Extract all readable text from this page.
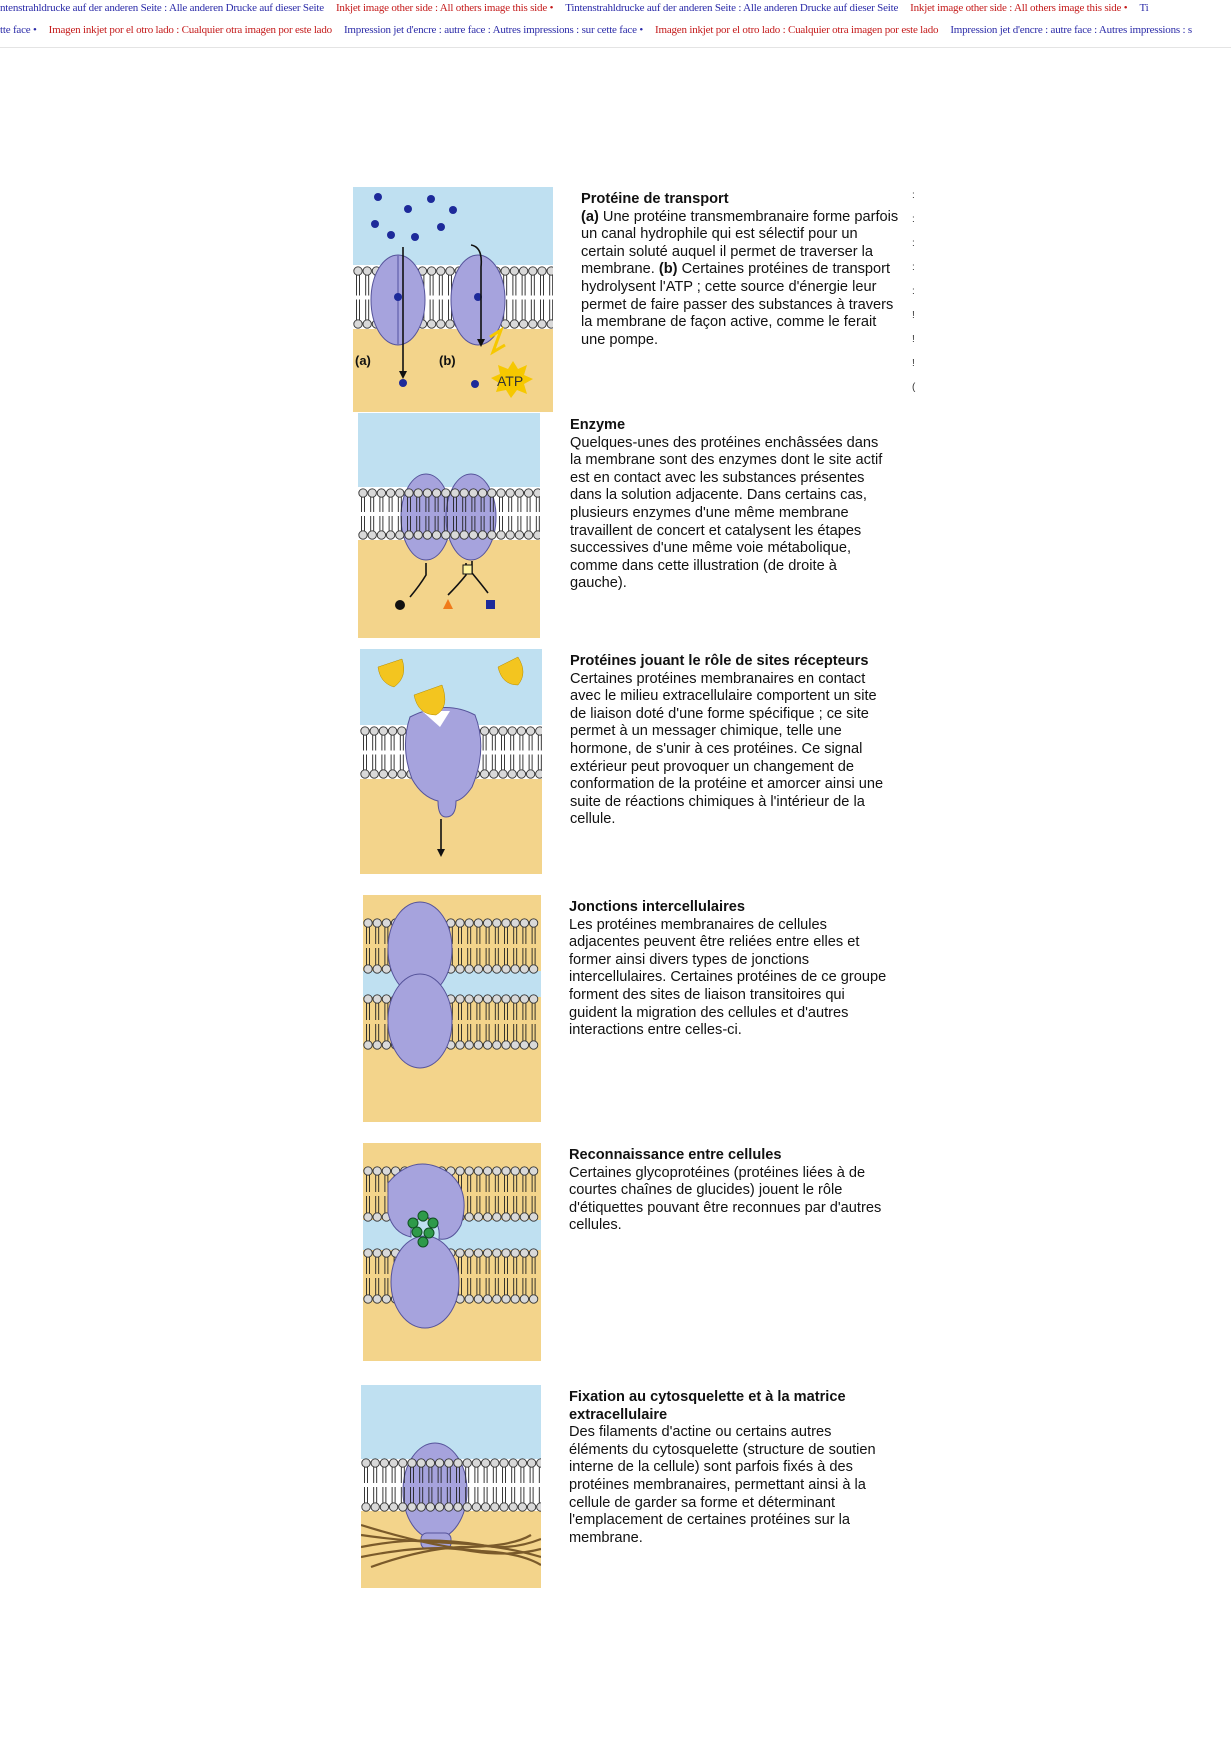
ntenstrahldrucke auf der anderen Seite : Alle anderen Drucke auf dieser Seite Inkjet image other side : All others image this side • Tintenstrahldrucke auf der anderen Seite : Alle anderen Drucke auf dieser Seite Inkjet image other side : All others image this side • Ti
tte face • Imagen inkjet por el otro lado : Cualquier otra imagen por este lado Impression jet d'encre : autre face : Autres impressions : sur cette face • Imagen inkjet por el otro lado : Cualquier otra imagen por este lado Impression jet d'encre : autre face : Autres impressions : s
ATP
(a)	(b)
Protéine de transport
(a) Une protéine transmembranaire forme parfois un canal hydrophile qui est sélectif pour un certain soluté auquel il permet de traverser la membrane. (b) Certaines protéines de transport hydrolysent l'ATP ; cette source d'énergie leur permet de faire passer des substances à travers la membrane de façon active, comme le ferait une pompe.
Enzyme
Quelques-unes des protéines enchâssées dans la membrane sont des enzymes dont le site actif est en contact avec les substances présentes dans la solution adjacente. Dans certains cas, plusieurs enzymes d'une même membrane travaillent de concert et catalysent les étapes successives d'une même voie métabolique, comme dans cette illustration (de droite à gauche).
Protéines jouant le rôle de sites récepteurs
Certaines protéines membranaires en contact avec le milieu extracellulaire comportent un site de liaison doté d'une forme spécifique ; ce site permet à un messager chimique, telle une hormone, de s'unir à ces protéines. Ce signal extérieur peut provoquer un changement de conformation de la protéine et amorcer ainsi une suite de réactions chimiques à l'intérieur de la cellule.
Jonctions intercellulaires
Les protéines membranaires de cellules adjacentes peuvent être reliées entre elles et former ainsi divers types de jonctions intercellulaires. Certaines protéines de ce groupe forment des sites de liaison transitoires qui guident la migration des cellules et d'autres interactions entre celles-ci.
Reconnaissance entre cellules
Certaines glycoprotéines (protéines liées à de courtes chaînes de glucides) jouent le rôle d'étiquettes pouvant être reconnues par d'autres cellules.
Fixation au cytosquelette et à la matrice extracellulaire
Des filaments d'actine ou certains autres éléments du cytosquelette (structure de soutien interne de la cellule) sont parfois fixés à des protéines membranaires, permettant ainsi à la cellule de garder sa forme et déterminant l'emplacement de certaines protéines sur la membrane.
:
:
:
:
:
!
!
!
(
